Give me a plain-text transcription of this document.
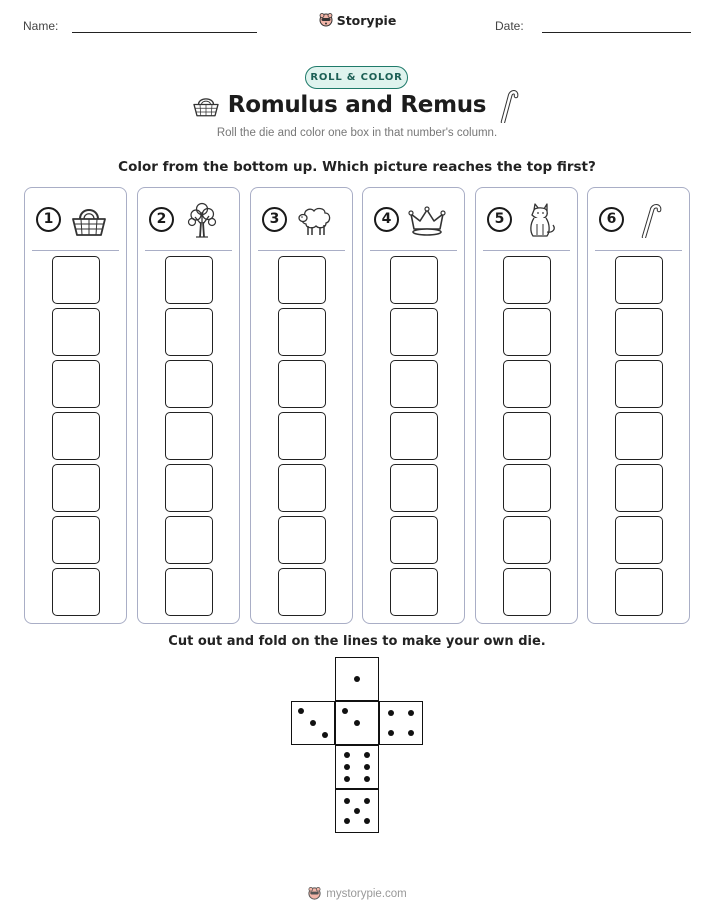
Name:	Storypie	Date:
ROLL & COLOR
Romulus and Remus
Roll the die and color one box in that number's column.
Color from the bottom up. Which picture reaches the top first?
1	2	3	4	5	6
Cut out and fold on the lines to make your own die.
mystorypie.com
